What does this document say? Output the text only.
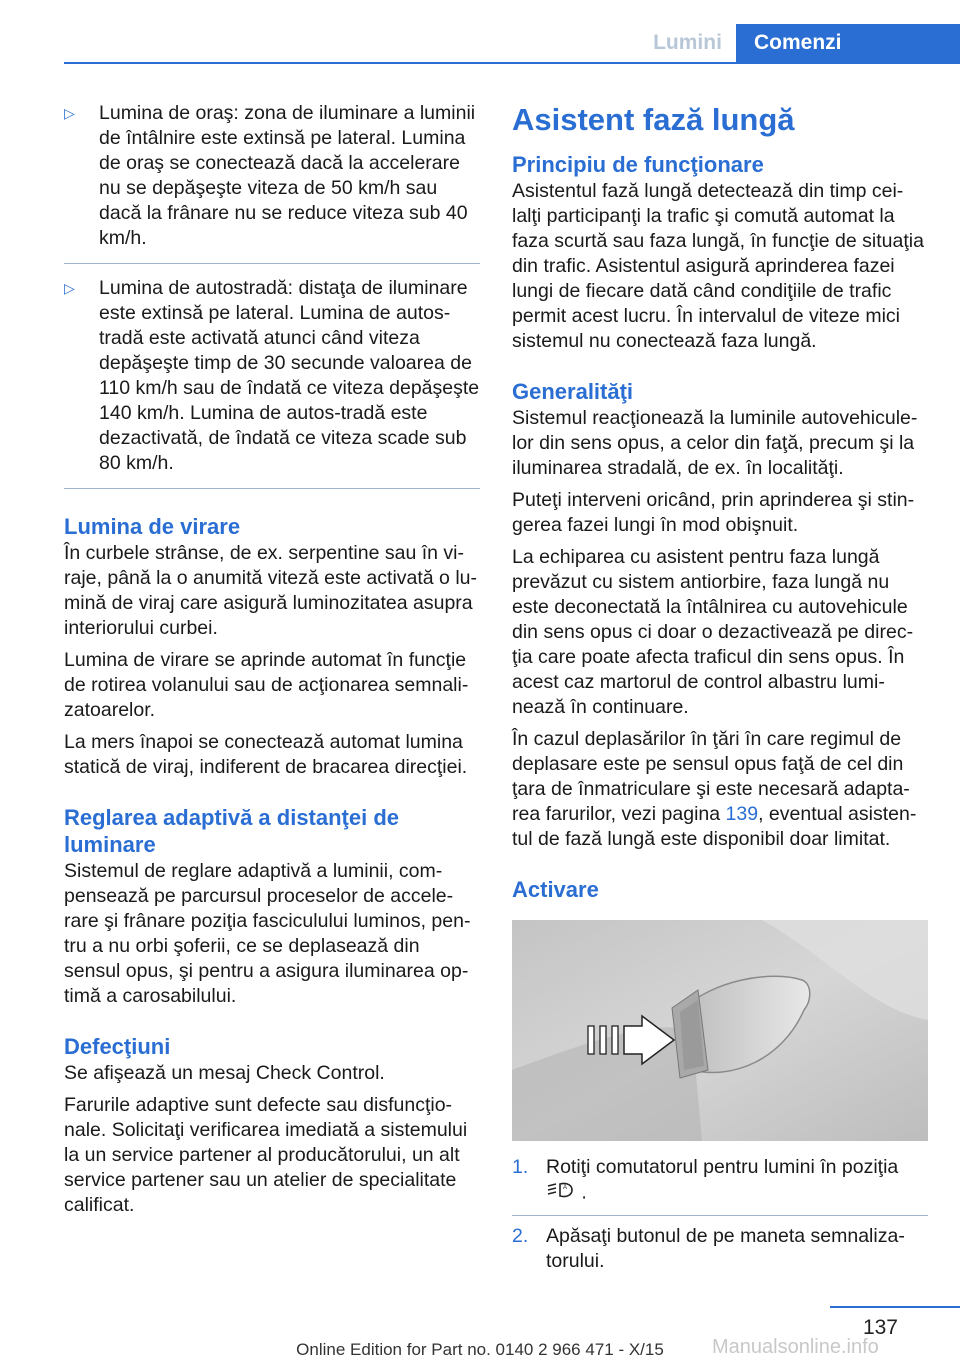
Lumini	Comenzi
▷ Lumina de oraş: zona de iluminare a luminii de întâlnire este extinsă pe lateral. Lumina de oraş se conectează dacă la accelerare nu se depăşeşte viteza de 50 km/h sau dacă la frânare nu se reduce viteza sub 40 km/h.
▷ Lumina de autostradă: distaţa de iluminare este extinsă pe lateral. Lumina de autos‐tradă este activată atunci când viteza depăşeşte timp de 30 secunde valoarea de 110 km/h sau de îndată ce viteza depăşeşte 140 km/h. Lumina de autos‐tradă este dezactivată, de îndată ce viteza scade sub 80 km/h.
Lumina de virare

În curbele strânse, de ex. serpentine sau în vi‐raje, până la o anumită viteză este activată o lu‐mină de viraj care asigură luminozitatea asupra interiorului curbei.

Lumina de virare se aprinde automat în funcţie de rotirea volanului sau de acţionarea semnali‐zatoarelor.

La mers înapoi se conectează automat lumina statică de viraj, indiferent de bracarea direcţiei.

Reglarea adaptivă a distanţei de luminare

Sistemul de reglare adaptivă a luminii, com‐pensează pe parcursul proceselor de accele‐rare şi frânare poziţia fasciculului luminos, pen‐tru a nu orbi şoferii, ce se deplasează din sensul opus, şi pentru a asigura iluminarea op‐timă a carosabilului.

Defecţiuni

Se afişează un mesaj Check Control.

Farurile adaptive sunt defecte sau disfuncţio‐nale. Solicitaţi verificarea imediată a sistemului la un service partener al producătorului, un alt service partener sau un atelier de specialitate calificat.

Asistent fază lungă
Principiu de funcţionare

Asistentul fază lungă detectează din timp cei‐lalţi participanţi la trafic şi comută automat la faza scurtă sau faza lungă, în funcţie de situaţia din trafic. Asistentul asigură aprinderea fazei lungi de fiecare dată când condiţiile de trafic permit acest lucru. În intervalul de viteze mici sistemul nu conectează faza lungă.

Generalităţi

Sistemul reacţionează la luminile autovehicule‐lor din sens opus, a celor din faţă, precum şi la iluminarea stradală, de ex. în localităţi.

Puteţi interveni oricând, prin aprinderea şi stin‐gerea fazei lungi în mod obişnuit.

La echiparea cu asistent pentru faza lungă prevăzut cu sistem antiorbire, faza lungă nu este deconectată la întâlnirea cu autovehicule din sens opus ci doar o dezactivează pe direc‐ţia care poate afecta traficul din sens opus. În acest caz martorul de control albastru lumi‐nează în continuare.

În cazul deplasărilor în ţări în care regimul de deplasare este pe sensul opus faţă de cel din ţara de înmatriculare şi este necesară adapta‐rea farurilor, vezi pagina 139, eventual asisten‐tul de fază lungă este disponibil doar limitat.

Activare
1. Rotiţi comutatorul pentru lumini în poziţia

A .
2. Apăsaţi butonul de pe maneta semnaliza‐torului.
137
Online Edition for Part no. 0140 2 966 471 - X/15	Manualsonline.info
